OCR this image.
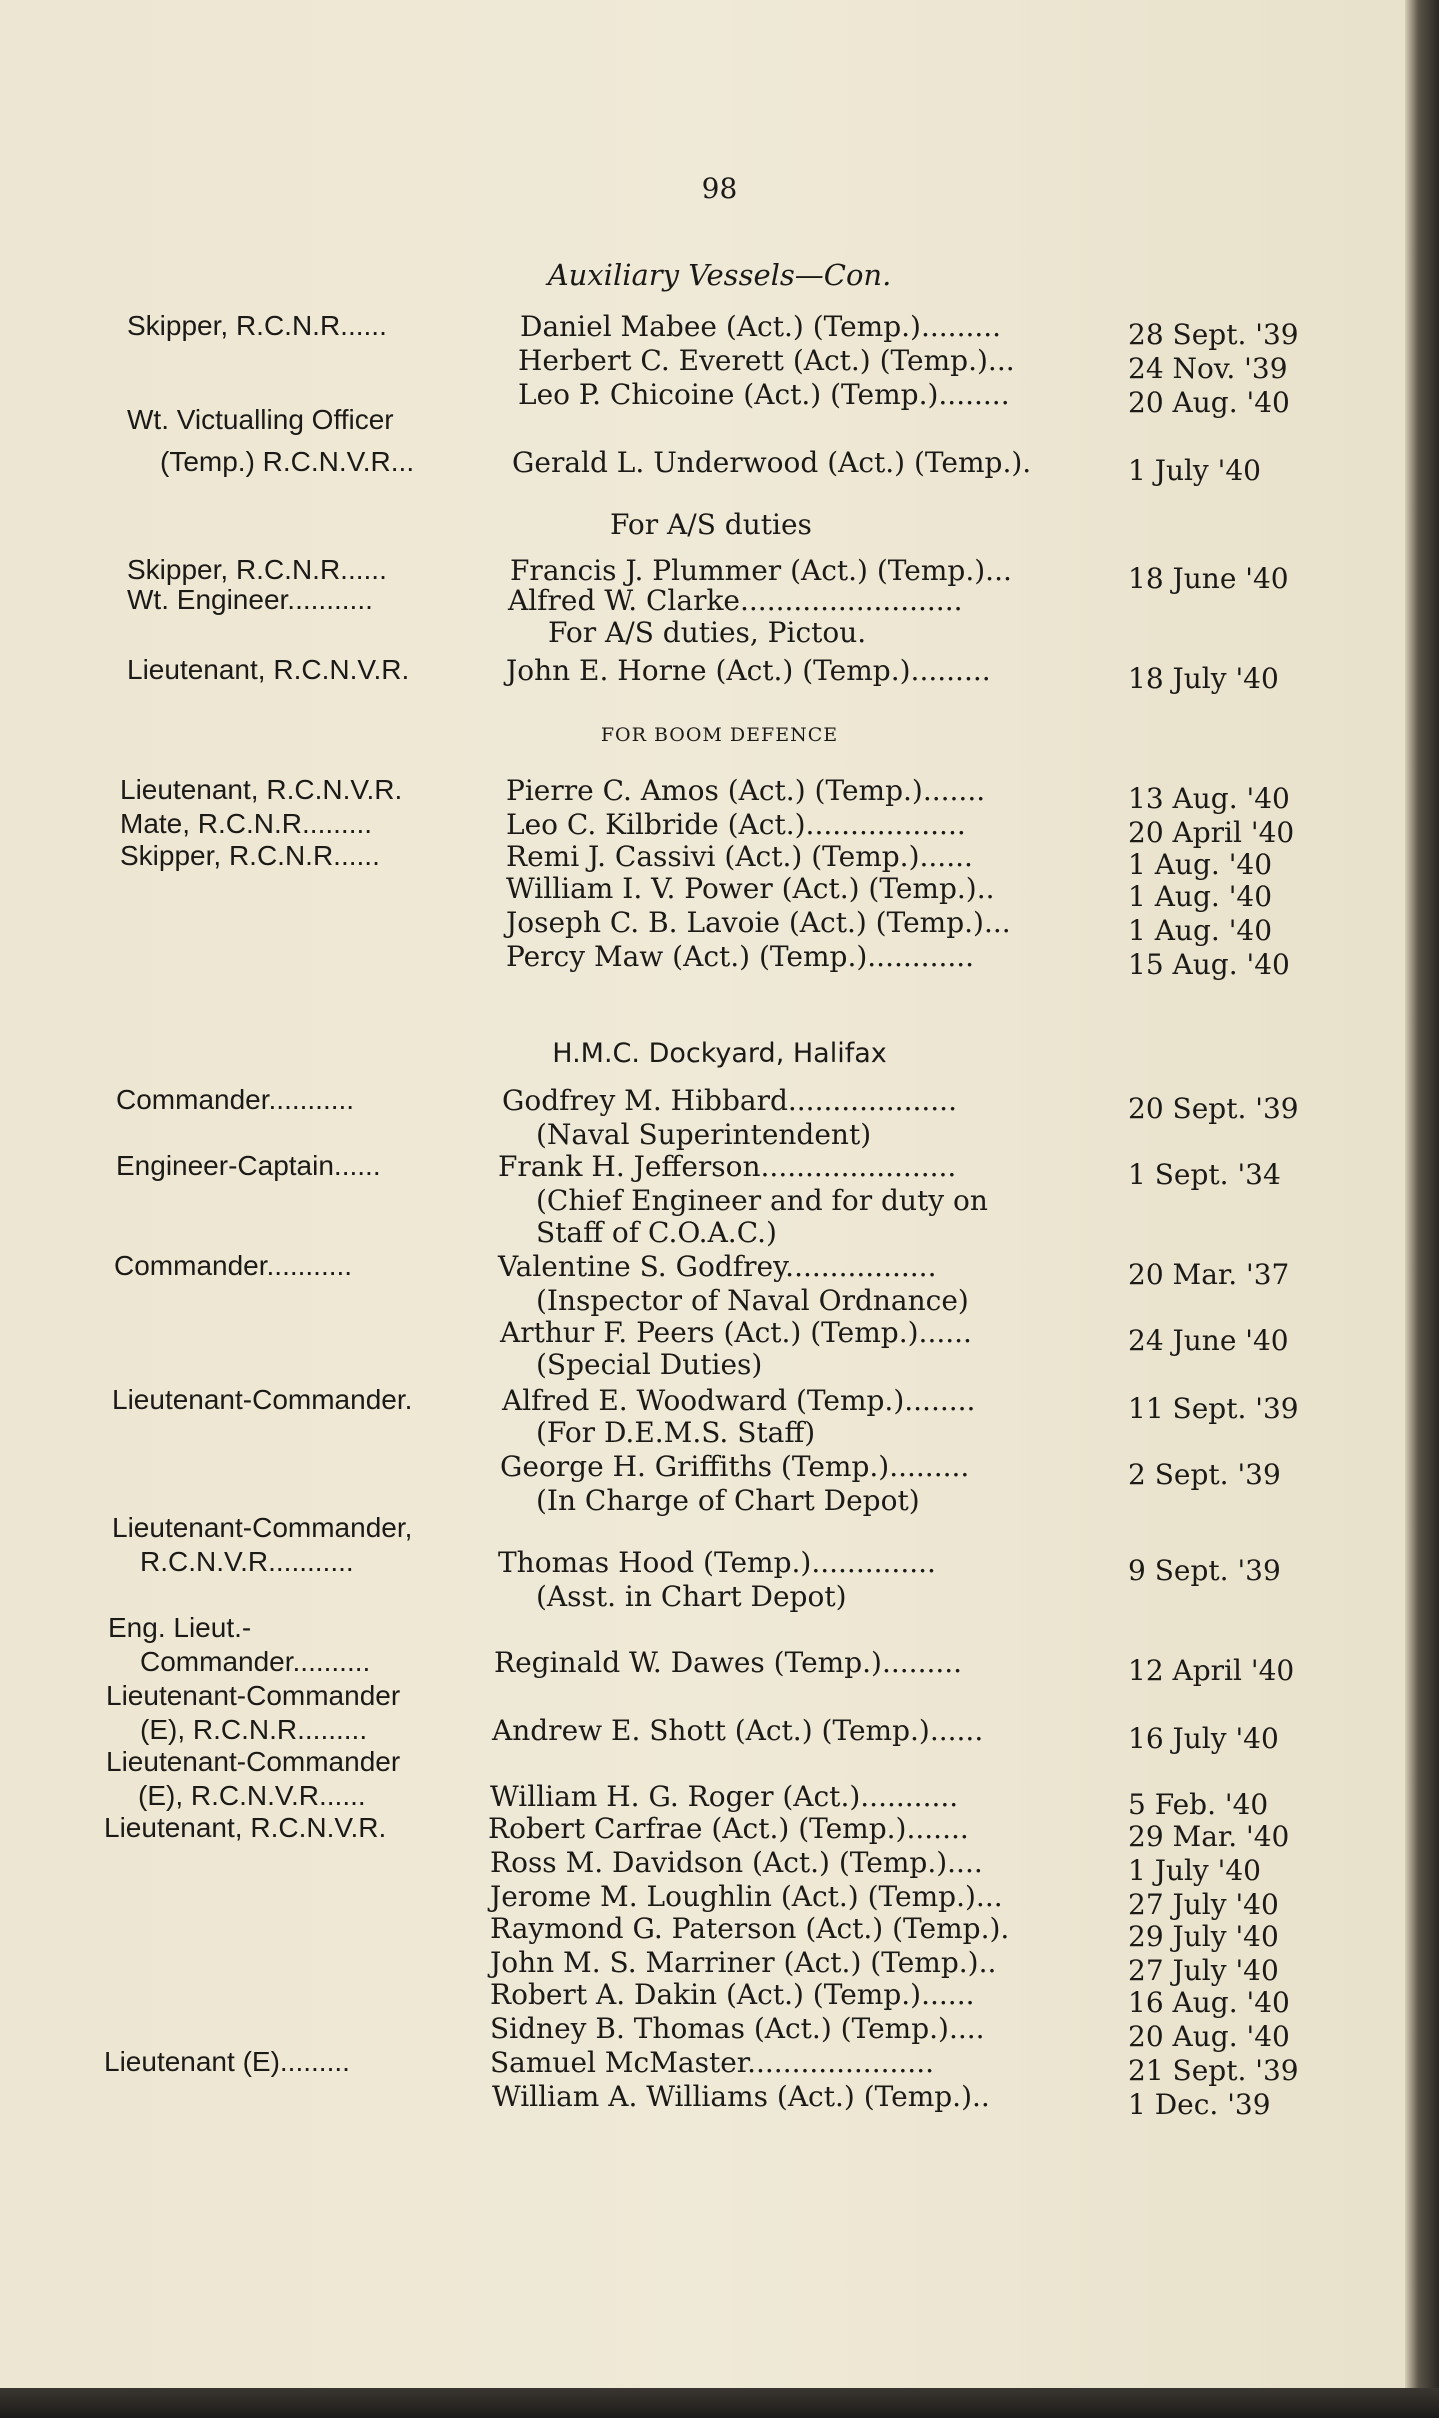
98
Auxiliary Vessels—Con.
For A/S duties
FOR BOOM DEFENCE
H.M.C. Dockyard, Halifax
Skipper, R.C.N.R......	Daniel Mabee (Act.) (Temp.).........	28 Sept. '39
Herbert C. Everett (Act.) (Temp.)...	24 Nov. '39
Leo P. Chicoine (Act.) (Temp.)........	20 Aug. '40
Wt. Victualling Officer
(Temp.) R.C.N.V.R...	Gerald L. Underwood (Act.) (Temp.).	1 July '40
Skipper, R.C.N.R......	Francis J. Plummer (Act.) (Temp.)...	18 June '40
Wt. Engineer...........	Alfred W. Clarke.........................
For A/S duties, Pictou.
Lieutenant, R.C.N.V.R.	John E. Horne (Act.) (Temp.).........	18 July '40
Lieutenant, R.C.N.V.R.	Pierre C. Amos (Act.) (Temp.).......	13 Aug. '40
Mate, R.C.N.R.........	Leo C. Kilbride (Act.)..................	20 April '40
Skipper, R.C.N.R......	Remi J. Cassivi (Act.) (Temp.)......	1 Aug. '40
William I. V. Power (Act.) (Temp.)..	1 Aug. '40
Joseph C. B. Lavoie (Act.) (Temp.)...	1 Aug. '40
Percy Maw (Act.) (Temp.)............	15 Aug. '40
Commander...........	Godfrey M. Hibbard...................	20 Sept. '39
(Naval Superintendent)
Engineer-Captain......	Frank H. Jefferson......................	1 Sept. '34
(Chief Engineer and for duty on
Staff of C.O.A.C.)
Commander...........	Valentine S. Godfrey.................	20 Mar. '37
(Inspector of Naval Ordnance)
Arthur F. Peers (Act.) (Temp.)......	24 June '40
(Special Duties)
Lieutenant-Commander.	Alfred E. Woodward (Temp.)........	11 Sept. '39
(For D.E.M.S. Staff)
George H. Griffiths (Temp.).........	2 Sept. '39
(In Charge of Chart Depot)
Lieutenant-Commander,
R.C.N.V.R...........	Thomas Hood (Temp.)..............	9 Sept. '39
(Asst. in Chart Depot)
Eng. Lieut.-
Commander..........	Reginald W. Dawes (Temp.).........	12 April '40
Lieutenant-Commander
(E), R.C.N.R.........	Andrew E. Shott (Act.) (Temp.)......	16 July '40
Lieutenant-Commander
(E), R.C.N.V.R......	William H. G. Roger (Act.)...........	5 Feb. '40
Lieutenant, R.C.N.V.R.	Robert Carfrae (Act.) (Temp.).......	29 Mar. '40
Ross M. Davidson (Act.) (Temp.)....	1 July '40
Jerome M. Loughlin (Act.) (Temp.)...	27 July '40
Raymond G. Paterson (Act.) (Temp.).	29 July '40
John M. S. Marriner (Act.) (Temp.)..	27 July '40
Robert A. Dakin (Act.) (Temp.)......	16 Aug. '40
Sidney B. Thomas (Act.) (Temp.)....	20 Aug. '40
Lieutenant (E).........	Samuel McMaster.....................	21 Sept. '39
William A. Williams (Act.) (Temp.)..	1 Dec. '39
